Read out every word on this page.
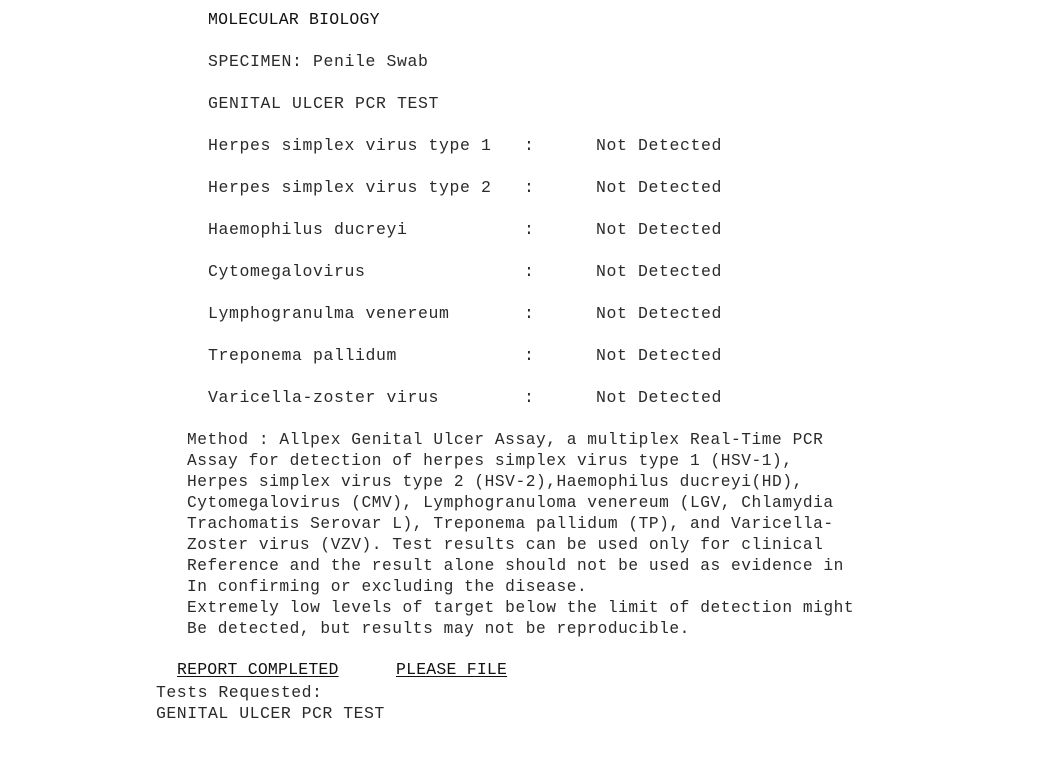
MOLECULAR BIOLOGY
SPECIMEN: Penile Swab
GENITAL ULCER PCR TEST
Herpes simplex virus type 1 :	Not Detected
Herpes simplex virus type 2 :	Not Detected
Haemophilus ducreyi	:	Not Detected
Cytomegalovirus	:	Not Detected
Lymphogranulma venereum	:	Not Detected
Treponema pallidum	:	Not Detected
Varicella-zoster virus	:	Not Detected
Method : Allpex Genital Ulcer Assay, a multiplex Real-Time PCR
Assay for detection of herpes simplex virus type 1 (HSV-1),
Herpes simplex virus type 2 (HSV-2),Haemophilus ducreyi(HD),
Cytomegalovirus (CMV), Lymphogranuloma venereum (LGV, Chlamydia
Trachomatis Serovar L), Treponema pallidum (TP), and Varicella-
Zoster virus (VZV). Test results can be used only for clinical
Reference and the result alone should not be used as evidence in
In confirming or excluding the disease.
Extremely low levels of target below the limit of detection might
Be detected, but results may not be reproducible.
REPORT COMPLETED	PLEASE FILE
Tests Requested:
GENITAL ULCER PCR TEST
